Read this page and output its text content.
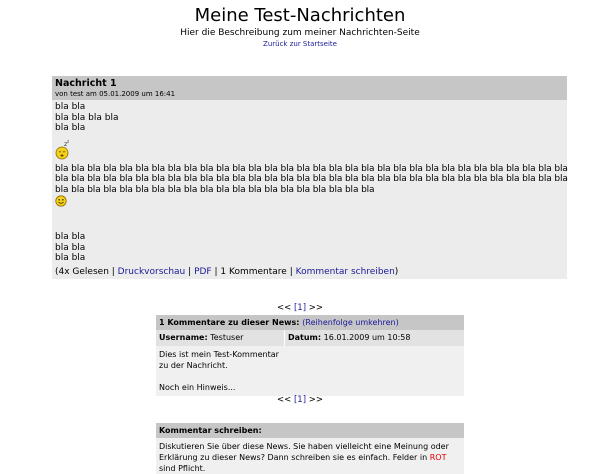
Meine Test-Nachrichten
Hier die Beschreibung zum meiner Nachrichten-Seite
Zurück zur Startseite
Nachricht 1
von test am 05.01.2009 um 16:41
bla bla
bla bla bla bla
bla bla
z z
bla bla bla bla bla bla bla bla bla bla bla bla bla bla bla bla bla bla bla bla bla bla bla bla bla bla bla bla bla bla bla bla
bla bla bla bla bla bla bla bla bla bla bla bla bla bla bla bla bla bla bla bla bla bla bla bla bla bla bla bla bla bla bla bla
bla bla bla bla bla bla bla bla bla bla bla bla bla bla bla bla bla bla bla bla
bla bla
bla bla
bla bla
(4x Gelesen | Druckvorschau | PDF | 1 Kommentare | Kommentar schreiben)
<< [1] >>
1 Kommentare zu dieser News: (Reihenfolge umkehren)
Username: Testuser	Datum: 16.01.2009 um 10:58
Dies ist mein Test-Kommentar
zu der Nachricht.
Noch ein Hinweis...
<< [1] >>
Kommentar schreiben:
Diskutieren Sie über diese News. Sie haben vielleicht eine Meinung oder
Erklärung zu dieser News? Dann schreiben sie es einfach. Felder in ROT
sind Pflicht.
